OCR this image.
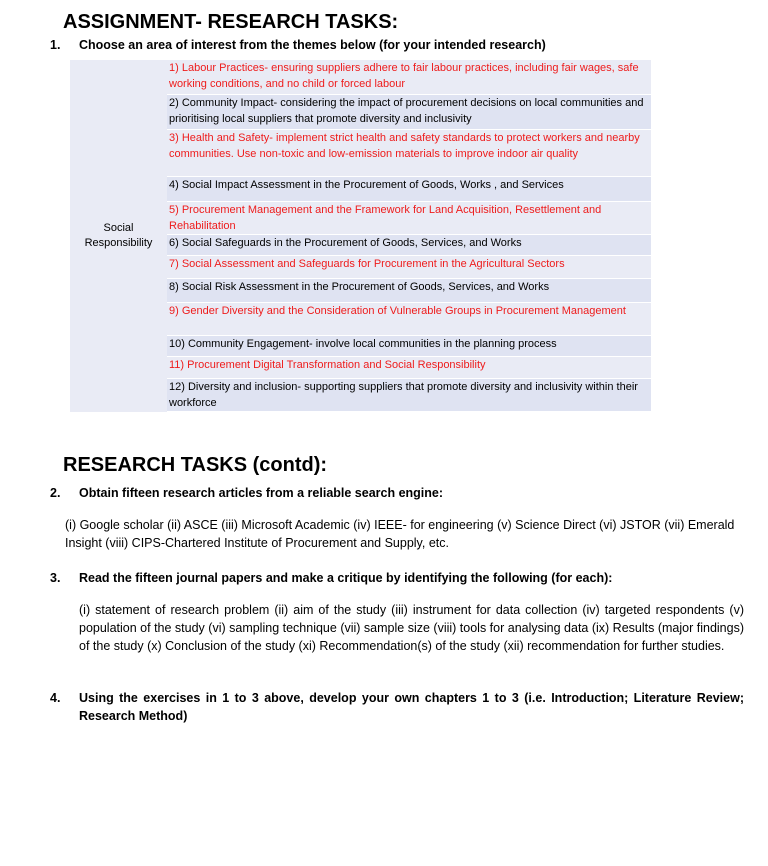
ASSIGNMENT- RESEARCH TASKS:
1. Choose an area of interest from the themes below (for your intended research)
Social Responsibility
1) Labour Practices- ensuring suppliers adhere to fair labour practices, including fair wages, safe working conditions, and no child or forced labour
2) Community Impact- considering the impact of procurement decisions on local communities and prioritising local suppliers that promote diversity and inclusivity
3) Health and Safety- implement strict health and safety standards to protect workers and nearby communities. Use non-toxic and low-emission materials to improve indoor air quality
4) Social Impact Assessment in the Procurement of Goods, Works , and Services
5) Procurement Management and the Framework for Land Acquisition, Resettlement and Rehabilitation
6) Social Safeguards in the Procurement of Goods, Services, and Works
7) Social Assessment and Safeguards for Procurement in the Agricultural Sectors
8) Social Risk Assessment in the Procurement of Goods, Services, and Works
9) Gender Diversity and the Consideration of Vulnerable Groups in Procurement Management
10) Community Engagement- involve local communities in the planning process
11) Procurement Digital Transformation and Social Responsibility
12) Diversity and inclusion- supporting suppliers that promote diversity and inclusivity within their workforce
RESEARCH TASKS (contd):
2. Obtain fifteen research articles from a reliable search engine:
(i) Google scholar (ii) ASCE (iii) Microsoft Academic (iv) IEEE- for engineering (v) Science Direct (vi) JSTOR (vii) Emerald Insight (viii) CIPS-Chartered Institute of Procurement and Supply, etc.
3. Read the fifteen journal papers and make a critique by identifying the following (for each):
(i) statement of research problem (ii) aim of the study (iii) instrument for data collection (iv) targeted respondents (v) population of the study (vi) sampling technique (vii) sample size (viii) tools for analysing data (ix) Results (major findings) of the study (x) Conclusion of the study (xi) Recommendation(s) of the study (xii) recommendation for further studies.
4. Using the exercises in 1 to 3 above, develop your own chapters 1 to 3 (i.e. Introduction; Literature Review; Research Method)
